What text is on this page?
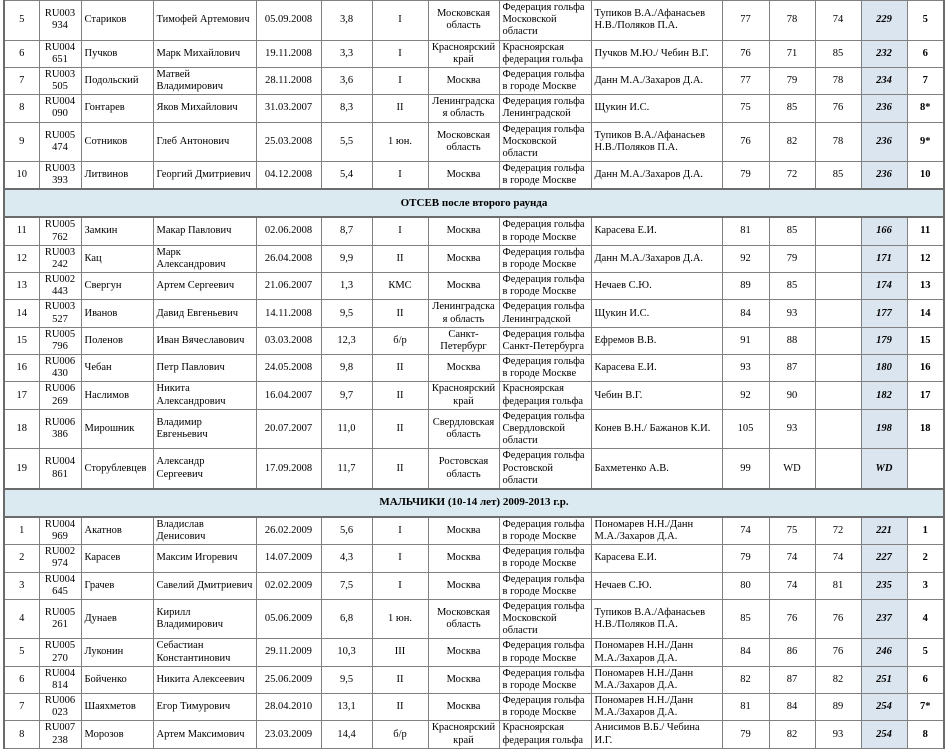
5	RU003934	Стариков	Тимофей Артемович	05.09.2008	3,8	I	Московская область	Федерация гольфа Московской области	Тупиков В.А./Афанасьев Н.В./Поляков П.А.	77	78	74	229	5
6	RU004651	Пучков	Марк Михайлович	19.11.2008	3,3	I	Красноярский край	Красноярская федерация гольфа	Пучков М.Ю./ Чебин В.Г.	76	71	85	232	6
7	RU003505	Подольский	Матвей Владимирович	28.11.2008	3,6	I	Москва	Федерация гольфа в городе Москве	Данн М.А./Захаров Д.А.	77	79	78	234	7
8	RU004090	Гонтарев	Яков Михайлович	31.03.2007	8,3	II	Ленинградская область	Федерация гольфа Ленинградской	Щукин И.С.	75	85	76	236	8*
9	RU005474	Сотников	Глеб Антонович	25.03.2008	5,5	1 юн.	Московская область	Федерация гольфа Московской области	Тупиков В.А./Афанасьев Н.В./Поляков П.А.	76	82	78	236	9*
10	RU003393	Литвинов	Георгий Дмитриевич	04.12.2008	5,4	I	Москва	Федерация гольфа в городе Москве	Данн М.А./Захаров Д.А.	79	72	85	236	10
ОТСЕВ после второго раунда														
11	RU005762	Замкин	Макар Павлович	02.06.2008	8,7	I	Москва	Федерация гольфа в городе Москве	Карасева Е.И.	81	85		166	11
12	RU003242	Кац	Марк Александрович	26.04.2008	9,9	II	Москва	Федерация гольфа в городе Москве	Данн М.А./Захаров Д.А.	92	79		171	12
13	RU002443	Свергун	Артем Сергеевич	21.06.2007	1,3	КМС	Москва	Федерация гольфа в городе Москве	Нечаев С.Ю.	89	85		174	13
14	RU003527	Иванов	Давид Евгеньевич	14.11.2008	9,5	II	Ленинградская область	Федерация гольфа Ленинградской	Щукин И.С.	84	93		177	14
15	RU005796	Поленов	Иван Вячеславович	03.03.2008	12,3	б/р	Санкт-Петербург	Федерация гольфа Санкт-Петербурга	Ефремов В.В.	91	88		179	15
16	RU006430	Чебан	Петр Павлович	24.05.2008	9,8	II	Москва	Федерация гольфа в городе Москве	Карасева Е.И.	93	87		180	16
17	RU006269	Наслимов	Никита Александрович	16.04.2007	9,7	II	Красноярский край	Красноярская федерация гольфа	Чебин В.Г.	92	90		182	17
18	RU006386	Мирошник	Владимир Евгеньевич	20.07.2007	11,0	II	Свердловская область	Федерация гольфа Свердловской области	Конев В.Н./ Бажанов К.И.	105	93		198	18
19	RU004861	Сторублевцев	Александр Сергеевич	17.09.2008	11,7	II	Ростовская область	Федерация гольфа Ростовской области	Бахметенко А.В.	99	WD		WD	
МАЛЬЧИКИ (10-14 лет) 2009-2013 г.р.														
1	RU004969	Акатнов	Владислав Денисович	26.02.2009	5,6	I	Москва	Федерация гольфа в городе Москве	Пономарев Н.Н./Данн М.А./Захаров Д.А.	74	75	72	221	1
2	RU002974	Карасев	Максим Игоревич	14.07.2009	4,3	I	Москва	Федерация гольфа в городе Москве	Карасева Е.И.	79	74	74	227	2
3	RU004645	Грачев	Савелий Дмитриевич	02.02.2009	7,5	I	Москва	Федерация гольфа в городе Москве	Нечаев С.Ю.	80	74	81	235	3
4	RU005261	Дунаев	Кирилл Владимирович	05.06.2009	6,8	1 юн.	Московская область	Федерация гольфа Московской области	Тупиков В.А./Афанасьев Н.В./Поляков П.А.	85	76	76	237	4
5	RU005270	Луконин	Себастиан Константинович	29.11.2009	10,3	III	Москва	Федерация гольфа в городе Москве	Пономарев Н.Н./Данн М.А./Захаров Д.А.	84	86	76	246	5
6	RU004814	Бойченко	Никита Алексеевич	25.06.2009	9,5	II	Москва	Федерация гольфа в городе Москве	Пономарев Н.Н./Данн М.А./Захаров Д.А.	82	87	82	251	6
7	RU006023	Шаяхметов	Егор Тимурович	28.04.2010	13,1	II	Москва	Федерация гольфа в городе Москве	Пономарев Н.Н./Данн М.А./Захаров Д.А.	81	84	89	254	7*
8	RU007238	Морозов	Артем Максимович	23.03.2009	14,4	б/р	Красноярский край	Красноярская федерация гольфа	Анисимов В.Б./ Чебина И.Г.	79	82	93	254	8
